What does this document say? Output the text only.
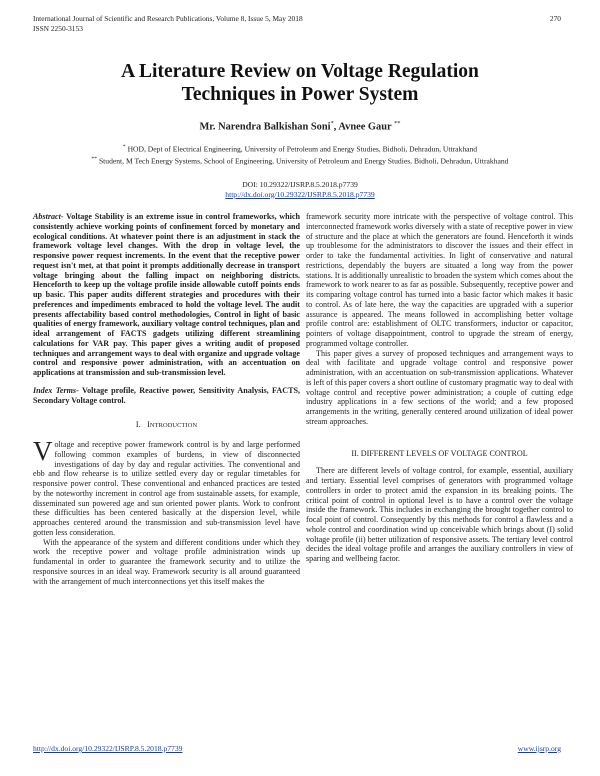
International Journal of Scientific and Research Publications, Volume 8, Issue 5, May 2018
ISSN 2250-3153
270
A Literature Review on Voltage Regulation
Techniques in Power System
Mr. Narendra Balkishan Soni*, Avnee Gaur **
* HOD, Dept of Electrical Engineering, University of Petroleum and Energy Studies, Bidholi, Dehradun, Uttrakhand
** Student, M Tech Energy Systems, School of Engineering, University of Petroleum and Energy Studies, Bidholi, Dehradun, Uttrakhand
DOI: 10.29322/IJSRP.8.5.2018.p7739
http://dx.doi.org/10.29322/IJSRP.8.5.2018.p7739

Abstract- Voltage Stability is an extreme issue in control frameworks, which consistently achieve working points of confinement forced by monetary and ecological conditions. At whatever point there is an adjustment in stack the framework voltage level changes. With the drop in voltage level, the responsive power request increments. In the event that the receptive power request isn't met, at that point it prompts additionally decrease in transport voltage bringing about the falling impact on neighboring districts. Henceforth to keep up the voltage profile inside allowable cutoff points ends up basic. This paper audits different strategies and procedures with their preferences and impediments embraced to hold the voltage level. The audit presents affectability based control methodologies, Control in light of basic qualities of energy framework, auxiliary voltage control techniques, plan and ideal arrangement of FACTS gadgets utilizing different streamlining calculations for VAR pay. This paper gives a writing audit of proposed techniques and arrangement ways to deal with organize and upgrade voltage control and responsive power administration, with an accentuation on applications at transmission and sub-transmission level.

Index Terms- Voltage profile, Reactive power, Sensitivity Analysis, FACTS, Secondary Voltage control.

I. INTRODUCTION

Voltage and receptive power framework control is by and large performed following common examples of burdens, in view of disconnected investigations of day by day and regular activities. The conventional and ebb and flow rehearse is to utilize settled every day or regular timetables for responsive power control. These conventional and enhanced practices are tested by the noteworthy increment in control age from sustainable assets, for example, disseminated sun powered age and sun oriented power plants. Work to confront these difficulties has been centered basically at the dispersion level, while approaches centered around the transmission and sub-transmission level have gotten less consideration.

With the appearance of the system and different conditions under which they work the receptive power and voltage profile administration winds up fundamental in order to guarantee the framework security and to utilize the responsive sources in an ideal way. Framework security is all around guaranteed with the arrangement of much interconnections yet this itself makes the

framework security more intricate with the perspective of voltage control. This interconnected framework works diversely with a state of receptive power in view of structure and the place at which the generators are found. Henceforth it winds up troublesome for the administrators to discover the issues and their effect in order to take the fundamental activities. In light of conservative and natural restrictions, dependably the buyers are situated a long way from the power stations. It is additionally unrealistic to broaden the system which comes about the framework to work nearer to as far as possible. Subsequently, receptive power and its comparing voltage control has turned into a basic factor which makes it basic to control. As of late here, the way the capacities are upgraded with a superior assurance is appeared. The means followed in accomplishing better voltage profile control are: establishment of OLTC transformers, inductor or capacitor, pointers of voltage disappointment, control to upgrade the stream of energy, programmed voltage controller.

This paper gives a survey of proposed techniques and arrangement ways to deal with facilitate and upgrade voltage control and responsive power administration, with an accentuation on sub-transmission applications. Whatever is left of this paper covers a short outline of customary pragmatic way to deal with voltage control and receptive power administration; a couple of cutting edge industry applications in a few sections of the world; and a few proposed arrangements in the writing, generally centered around utilization of ideal power stream approaches.

II. DIFFERENT LEVELS OF VOLTAGE CONTROL

There are different levels of voltage control, for example, essential, auxiliary and tertiary. Essential level comprises of generators with programmed voltage controllers in order to protect amid the expansion in its breaking points. The critical point of control in optional level is to have a control over the voltage inside the framework. This includes in exchanging the brought together control to focal point of control. Consequently by this methods for control a flawless and a whole control and coordination wind up conceivable which brings about (I) solid voltage profile (ii) better utilization of responsive assets. The tertiary level control decides the ideal voltage profile and arranges the auxiliary controllers in view of sparing and wellbeing factor.

http://dx.doi.org/10.29322/IJSRP.8.5.2018.p7739	www.ijsrp.org
